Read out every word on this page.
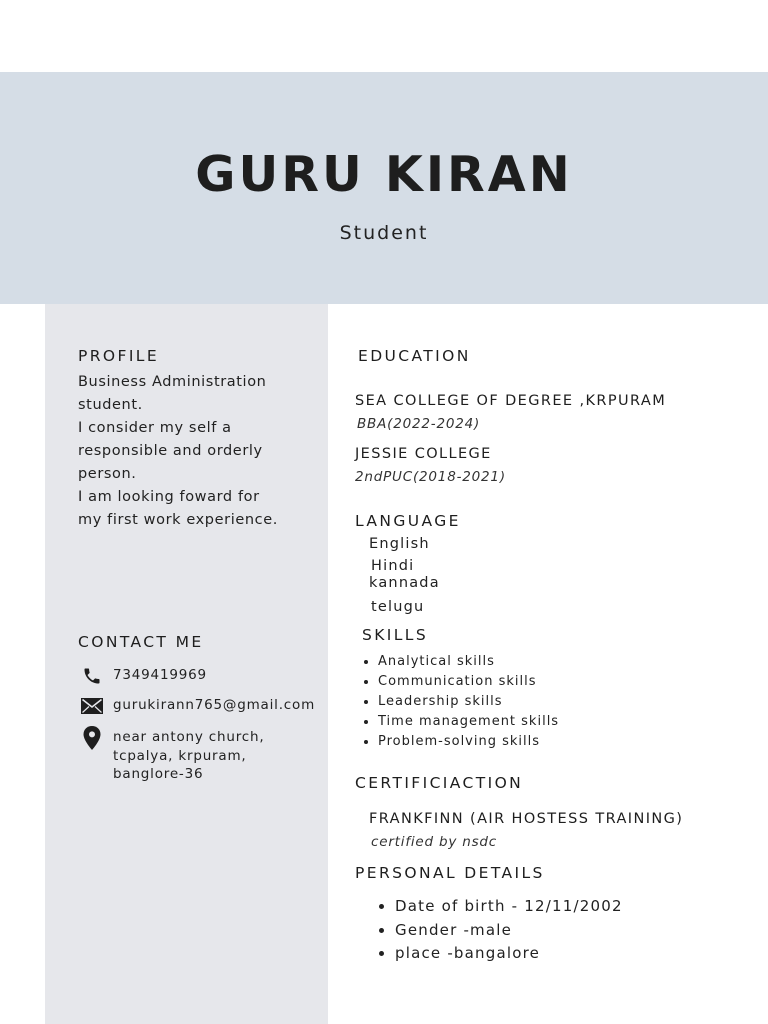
GURU KIRAN
Student
PROFILE
Business Administration
student.
I consider my self a
responsible and orderly
person.
I am looking foward for
my first work experience.
CONTACT ME
7349419969
gurukirann765@gmail.com
near antony church,
tcpalya, krpuram,
banglore-36
EDUCATION
SEA COLLEGE OF DEGREE ,KRPURAM
BBA(2022-2024)
JESSIE COLLEGE
2ndPUC(2018-2021)
LANGUAGE
English
Hindi
kannada
telugu
SKILLS
• Analytical skills
• Communication skills
• Leadership skills
• Time management skills
• Problem-solving skills
CERTIFICIACTION
FRANKFINN (AIR HOSTESS TRAINING)
certified by nsdc
PERSONAL DETAILS
• Date of birth - 12/11/2002
• Gender -male
• place -bangalore
